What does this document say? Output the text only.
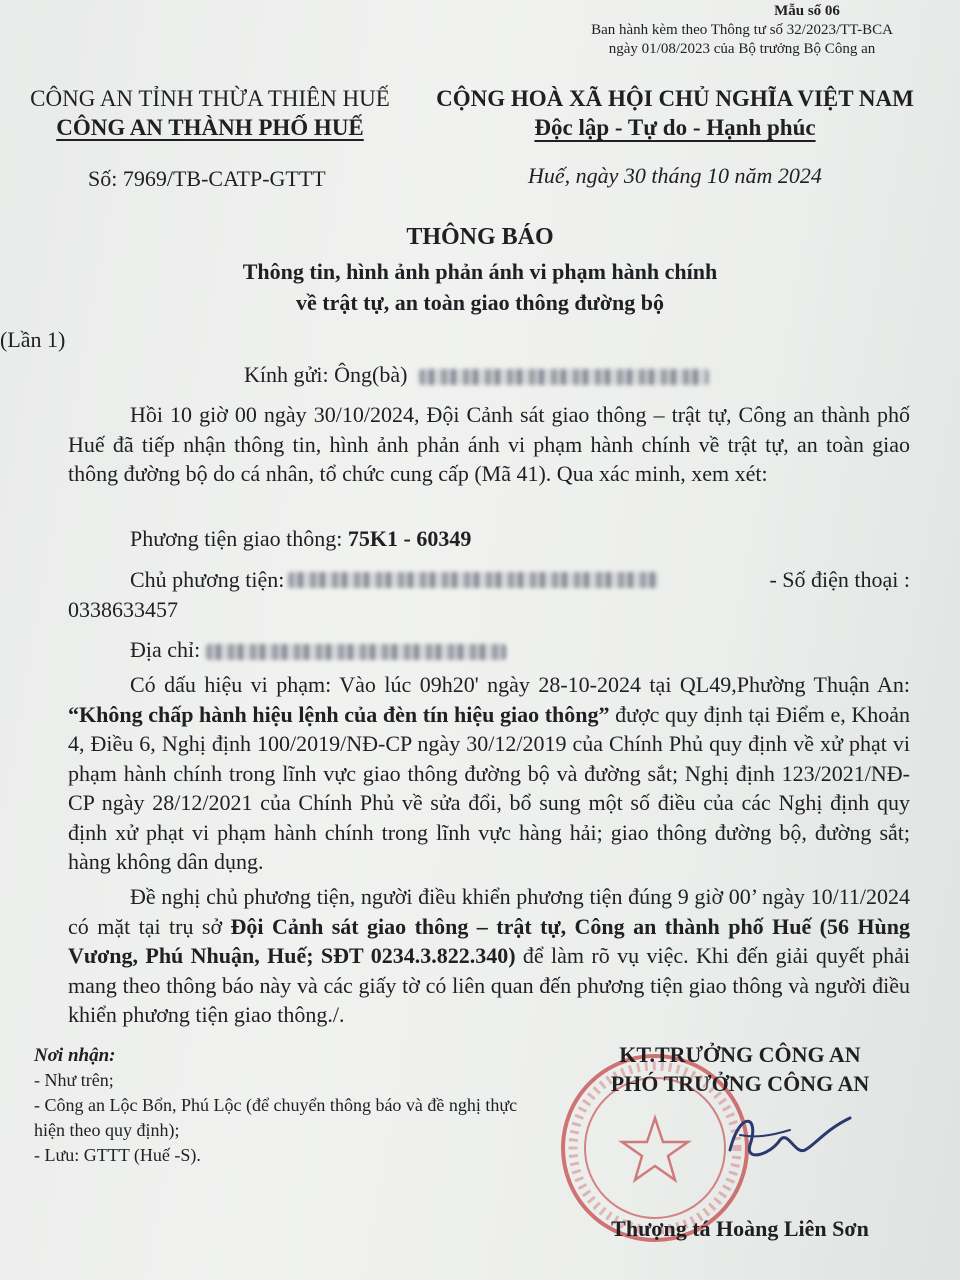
Mẫu số 06
Ban hành kèm theo Thông tư số 32/2023/TT-BCA
ngày 01/08/2023 của Bộ trưởng Bộ Công an
CÔNG AN TỈNH THỪA THIÊN HUẾ
CÔNG AN THÀNH PHỐ HUẾ
CỘNG HOÀ XÃ HỘI CHỦ NGHĨA VIỆT NAM
Độc lập - Tự do - Hạnh phúc
Số: 7969/TB-CATP-GTTT	Huế, ngày 30 tháng 10 năm 2024
THÔNG BÁO
Thông tin, hình ảnh phản ánh vi phạm hành chính
về trật tự, an toàn giao thông đường bộ
(Lần 1)
Kính gửi: Ông(bà)
Hồi 10 giờ 00 ngày 30/10/2024, Đội Cảnh sát giao thông – trật tự, Công an thành phố Huế đã tiếp nhận thông tin, hình ảnh phản ánh vi phạm hành chính về trật tự, an toàn giao thông đường bộ do cá nhân, tổ chức cung cấp (Mã 41). Qua xác minh, xem xét:
Phương tiện giao thông: 75K1 - 60349
Chủ phương tiện:	- Số điện thoại :
0338633457
Địa chỉ:
Có dấu hiệu vi phạm: Vào lúc 09h20' ngày 28-10-2024 tại QL49,Phường Thuận An: “Không chấp hành hiệu lệnh của đèn tín hiệu giao thông” được quy định tại Điểm e, Khoản 4, Điều 6, Nghị định 100/2019/NĐ-CP ngày 30/12/2019 của Chính Phủ quy định về xử phạt vi phạm hành chính trong lĩnh vực giao thông đường bộ và đường sắt; Nghị định 123/2021/NĐ-CP ngày 28/12/2021 của Chính Phủ về sửa đổi, bổ sung một số điều của các Nghị định quy định xử phạt vi phạm hành chính trong lĩnh vực hàng hải; giao thông đường bộ, đường sắt; hàng không dân dụng.
Đề nghị chủ phương tiện, người điều khiển phương tiện đúng 9 giờ 00’ ngày 10/11/2024 có mặt tại trụ sở Đội Cảnh sát giao thông – trật tự, Công an thành phố Huế (56 Hùng Vương, Phú Nhuận, Huế; SĐT 0234.3.822.340) để làm rõ vụ việc. Khi đến giải quyết phải mang theo thông báo này và các giấy tờ có liên quan đến phương tiện giao thông và người điều khiển phương tiện giao thông./.
Nơi nhận:
- Như trên;
- Công an Lộc Bổn, Phú Lộc (để chuyển thông báo và đề nghị thực hiện theo quy định);
- Lưu: GTTT (Huế -S).
KT.TRƯỞNG CÔNG AN
PHÓ TRƯỞNG CÔNG AN
Thượng tá Hoàng Liên Sơn
